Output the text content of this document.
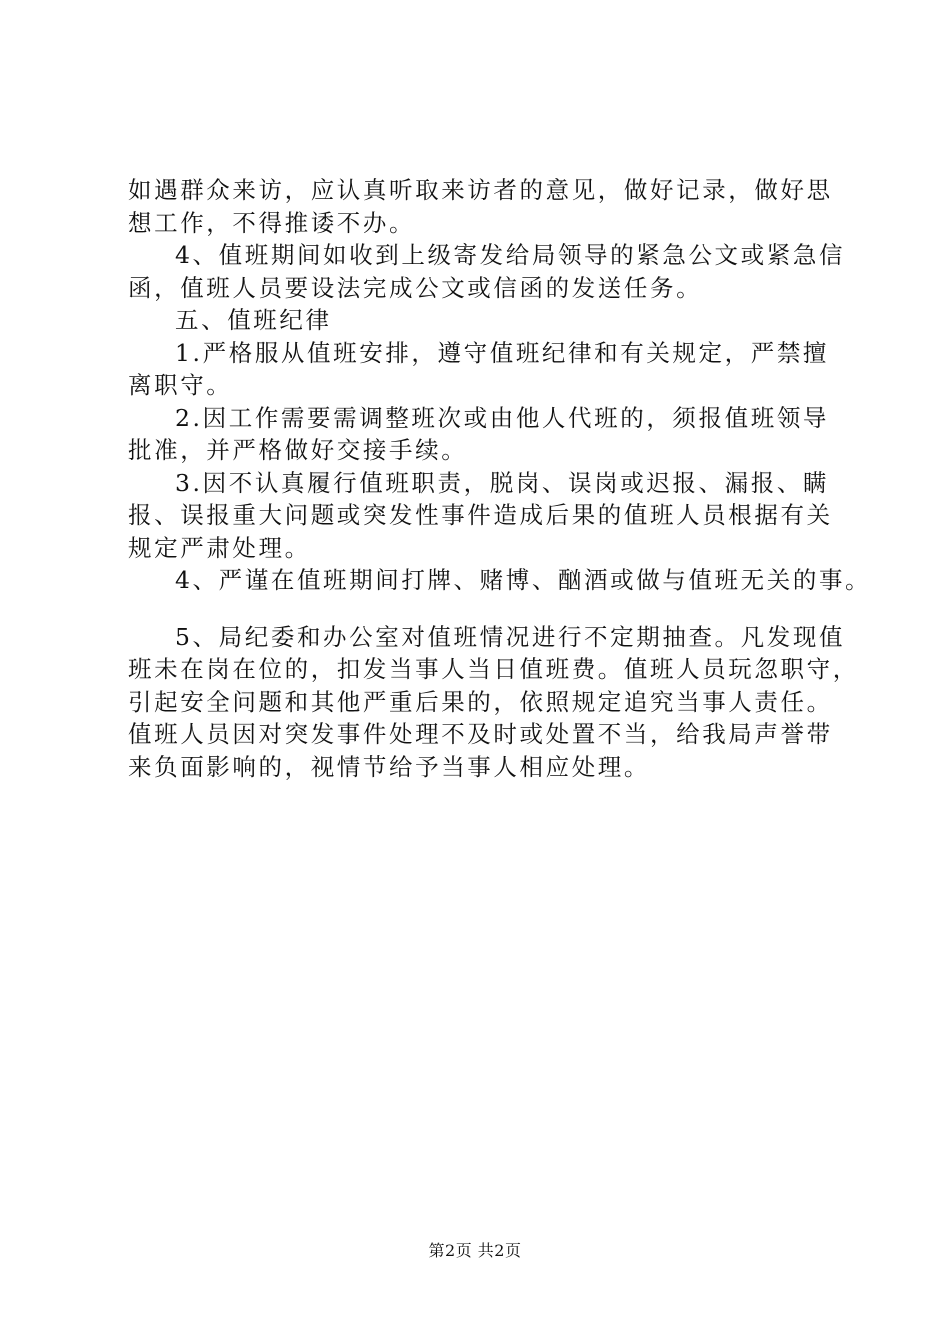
如遇群众来访，应认真听取来访者的意见，做好记录，做好思
想工作，不得推诿不办。
4、值班期间如收到上级寄发给局领导的紧急公文或紧急信
函，值班人员要设法完成公文或信函的发送任务。
五、值班纪律
1.严格服从值班安排，遵守值班纪律和有关规定，严禁擅
离职守。
2.因工作需要需调整班次或由他人代班的，须报值班领导
批准，并严格做好交接手续。
3.因不认真履行值班职责，脱岗、误岗或迟报、漏报、瞒
报、误报重大问题或突发性事件造成后果的值班人员根据有关
规定严肃处理。
4、严谨在值班期间打牌、赌博、酗酒或做与值班无关的事。
5、局纪委和办公室对值班情况进行不定期抽查。凡发现值
班未在岗在位的，扣发当事人当日值班费。值班人员玩忽职守，
引起安全问题和其他严重后果的，依照规定追究当事人责任。
值班人员因对突发事件处理不及时或处置不当，给我局声誉带
来负面影响的，视情节给予当事人相应处理。
第2页 共2页
